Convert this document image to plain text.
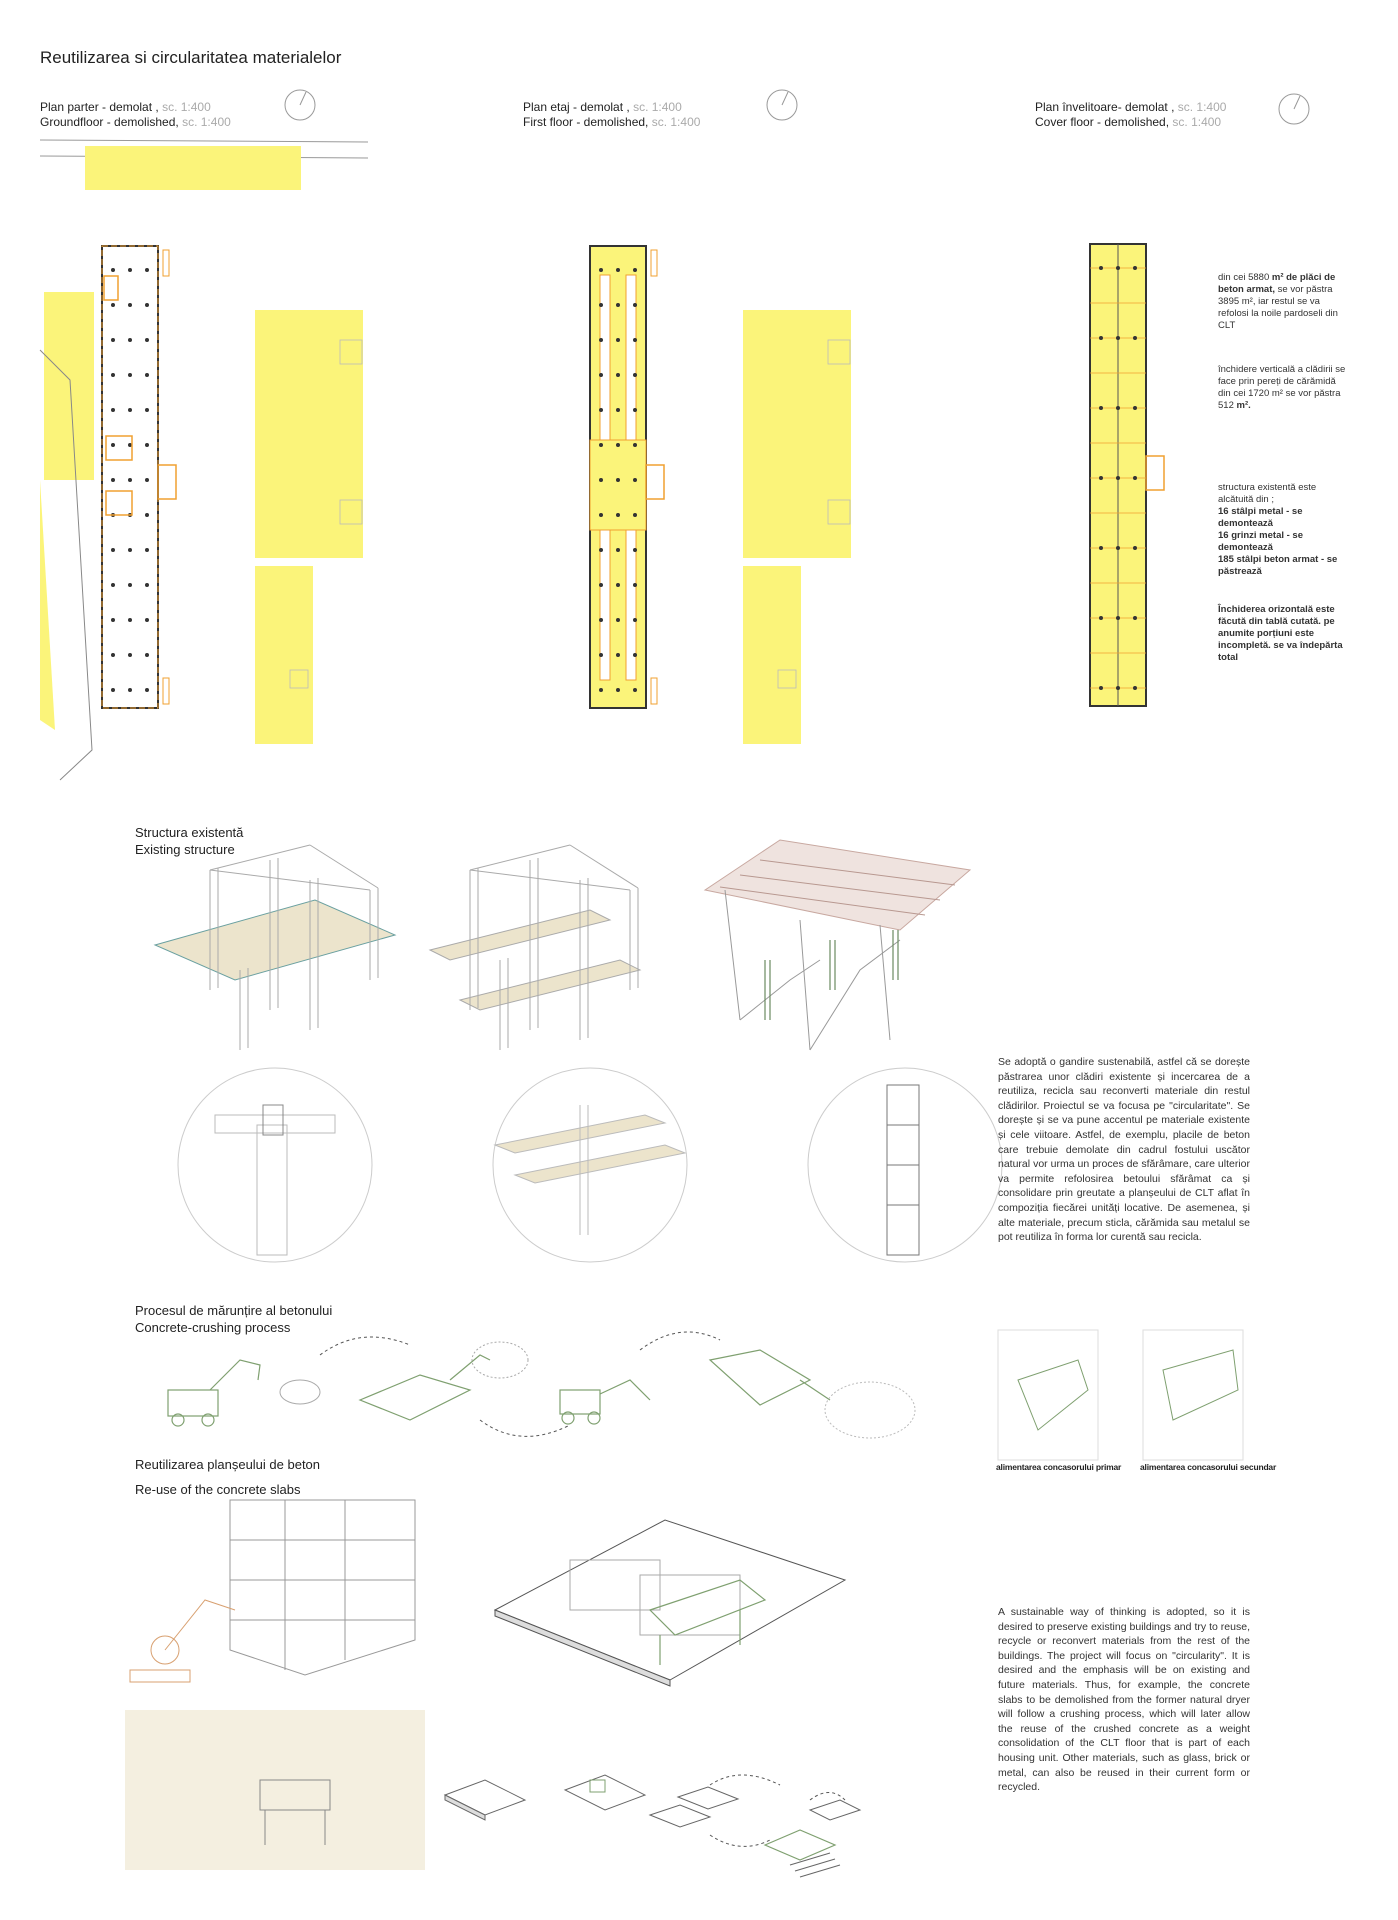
Reutilizarea si circularitatea materialelor
Plan parter - demolat , sc. 1:400
Groundfloor - demolished, sc. 1:400
Plan etaj - demolat , sc. 1:400
First floor - demolished, sc. 1:400
Plan învelitoare- demolat , sc. 1:400
Cover floor - demolished, sc. 1:400
din cei 5880 m² de plăci de beton armat, se vor păstra 3895 m², iar restul se va refolosi la noile pardoseli din CLT
închidere verticală a clădirii se face prin pereți de cărămidă din cei 1720 m² se vor păstra 512 m².
structura existentă este alcătuită din ;
16 stâlpi metal - se demontează
16 grinzi metal - se demontează
185 stâlpi beton armat - se păstrează
Închiderea orizontală este făcută din tablă cutată. pe anumite porțiuni este incompletă. se va îndepărta total
Structura existentă
Existing structure
Se adoptă o gandire sustenabilă, astfel că se dorește păstrarea unor clădiri existente și incercarea de a reutiliza, recicla sau reconverti materiale din restul clădirilor. Proiectul se va focusa pe "circularitate". Se dorește și se va pune accentul pe materiale existente și cele viitoare. Astfel, de exemplu, placile de beton care trebuie demolate din cadrul fostului uscător natural vor urma un proces de sfărâmare, care ulterior va permite refolosirea betoului sfărâmat ca și consolidare prin greutate a planșeului de CLT aflat în compoziția fiecărei unități locative. De asemenea, și alte materiale, precum sticla, cărămida sau metalul se pot reutiliza în forma lor curentă sau recicla.
Procesul de mărunțire al betonului
Concrete-crushing process
alimentarea concasorului primar alimentarea concasorului secundar
Reutilizarea planșeului de beton
Re-use of the concrete slabs
A sustainable way of thinking is adopted, so it is desired to preserve existing buildings and try to reuse, recycle or reconvert materials from the rest of the buildings. The project will focus on "circularity". It is desired and the emphasis will be on existing and future materials. Thus, for example, the concrete slabs to be demolished from the former natural dryer will follow a crushing process, which will later allow the reuse of the crushed concrete as a weight consolidation of the CLT floor that is part of each housing unit. Other materials, such as glass, brick or metal, can also be reused in their current form or recycled.
